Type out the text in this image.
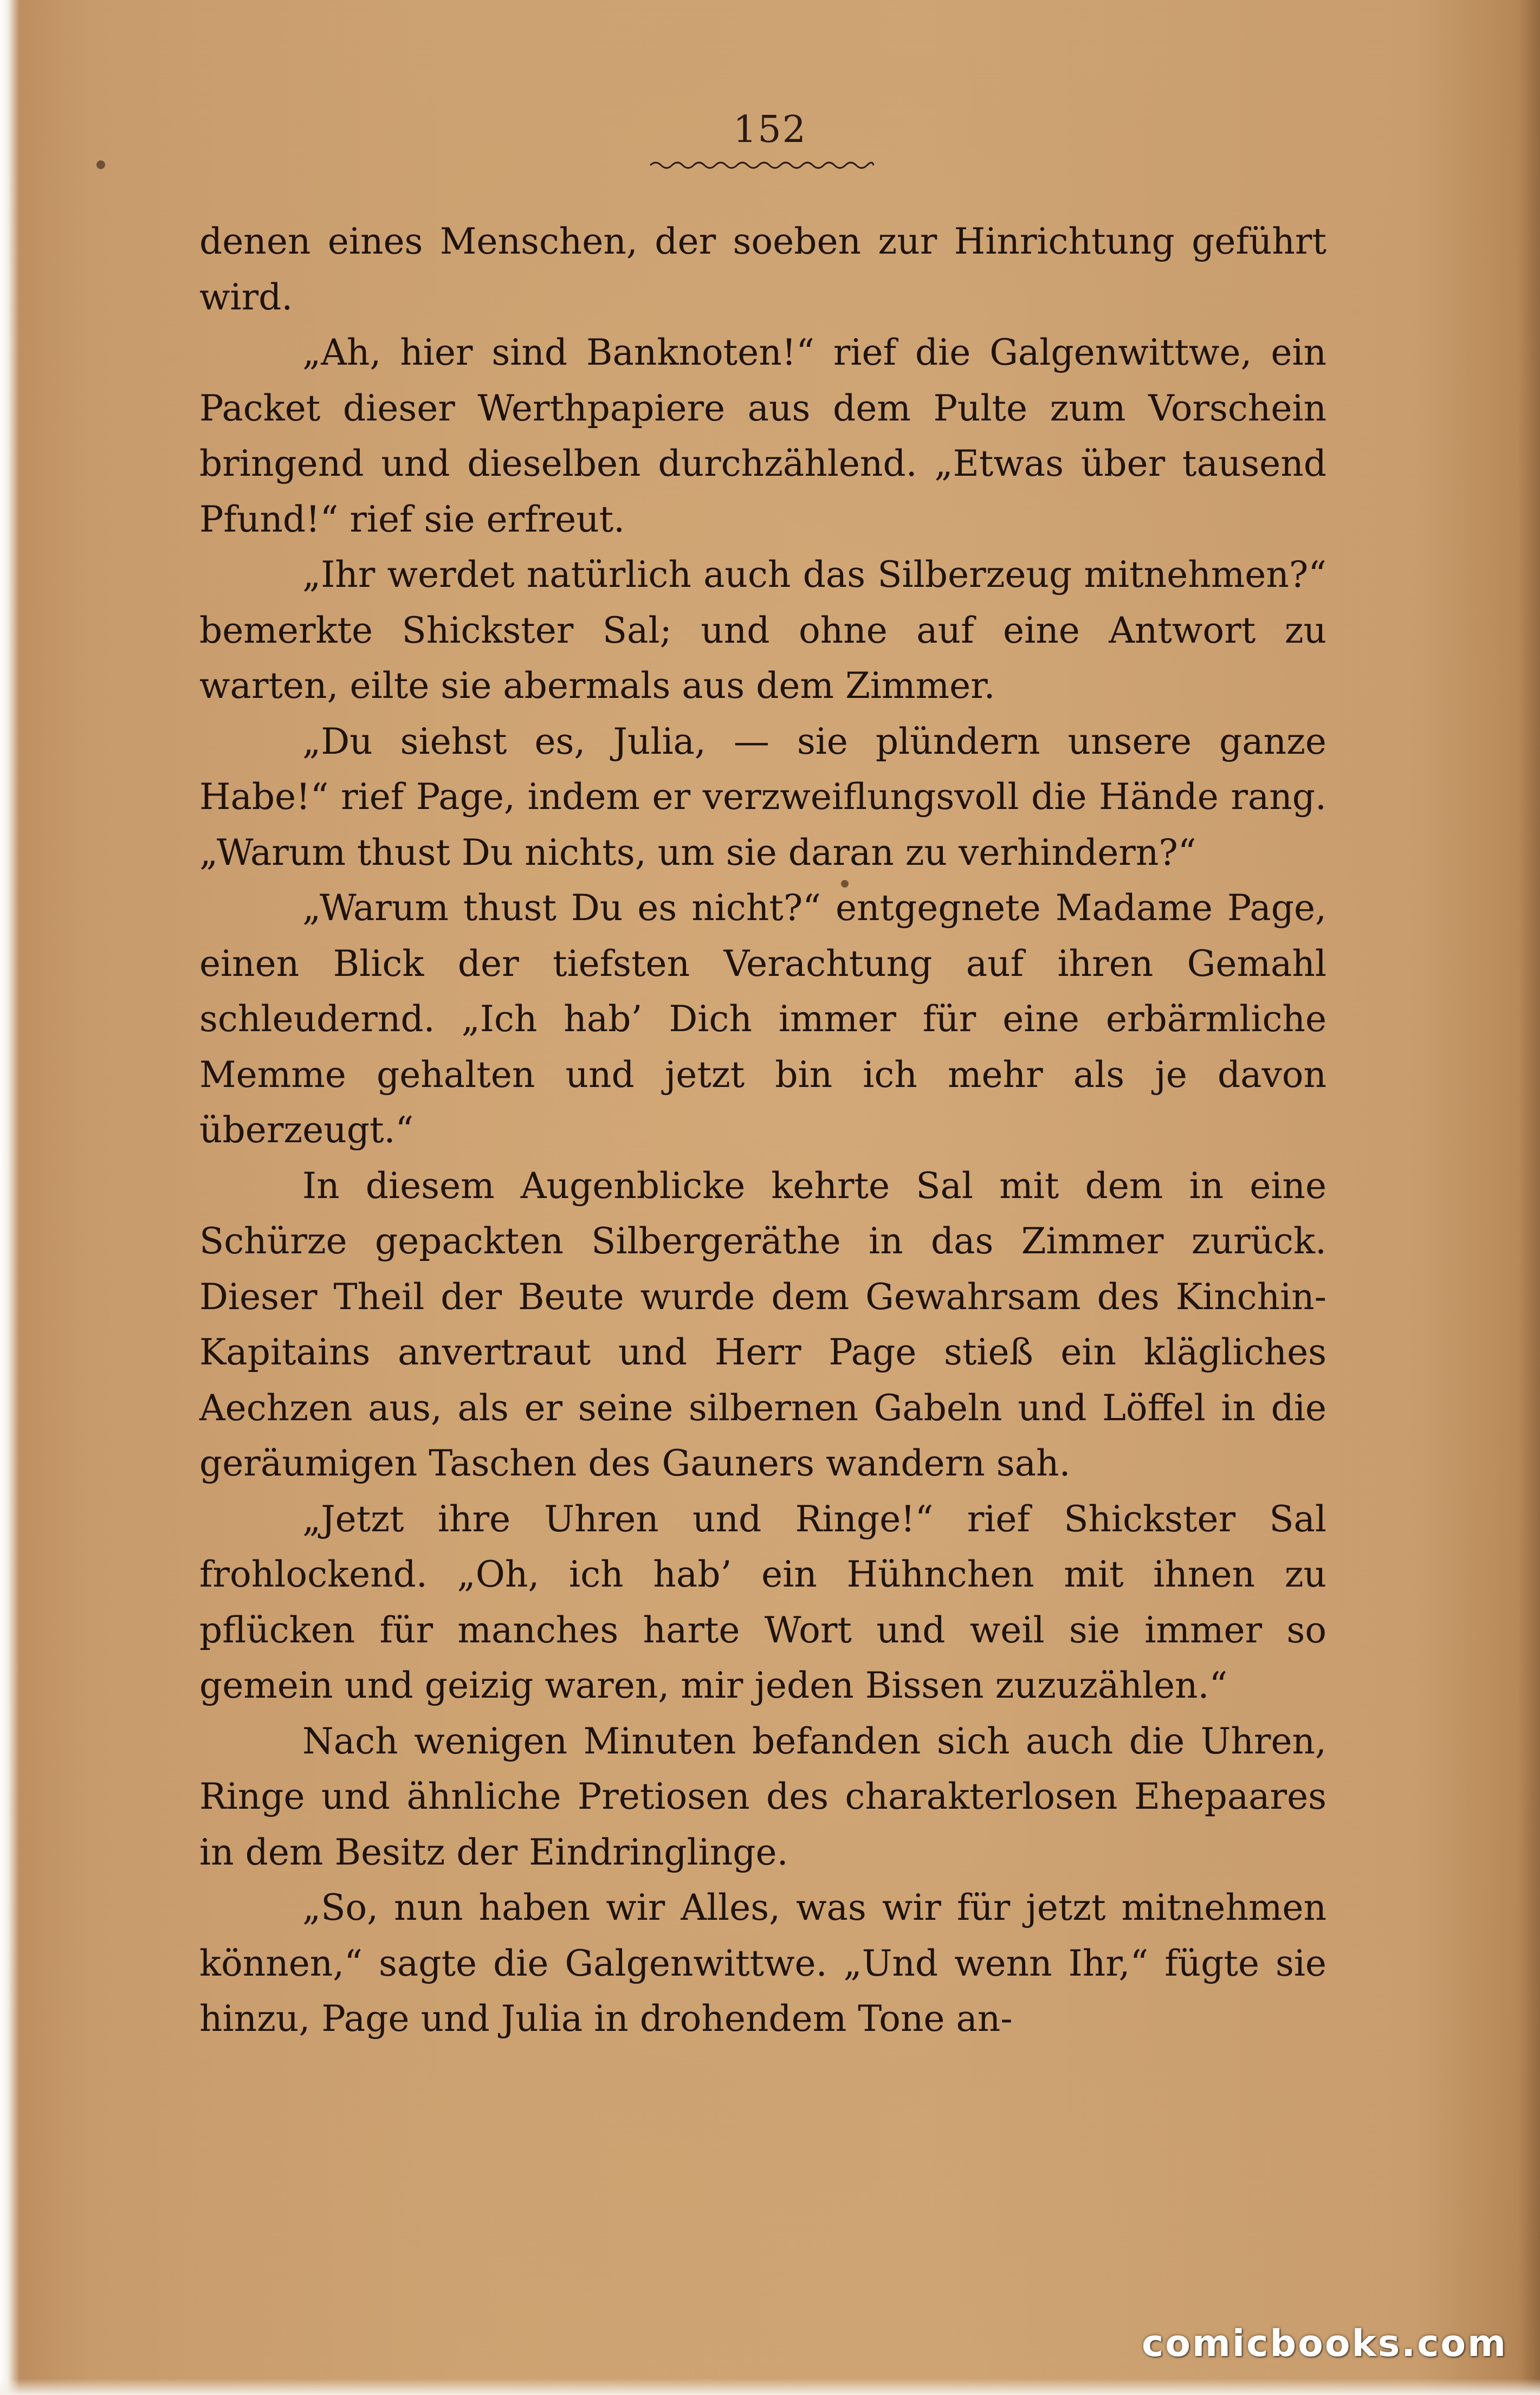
152

denen eines Menschen, der soeben zur Hinrichtung geführt wird.

„Ah, hier sind Banknoten!“ rief die Galgenwittwe, ein Packet dieser Werthpapiere aus dem Pulte zum Vorschein bringend und dieselben durchzählend. „Etwas über tausend Pfund!“ rief sie erfreut.

„Ihr werdet natürlich auch das Silberzeug mitnehmen?“ bemerkte Shickster Sal; und ohne auf eine Antwort zu warten, eilte sie abermals aus dem Zimmer.

„Du siehst es, Julia, — sie plündern unsere ganze Habe!“ rief Page, indem er verzweiflungsvoll die Hände rang. „Warum thust Du nichts, um sie daran zu verhindern?“

„Warum thust Du es nicht?“ entgegnete Madame Page, einen Blick der tiefsten Verachtung auf ihren Gemahl schleudernd. „Ich hab’ Dich immer für eine erbärmliche Memme gehalten und jetzt bin ich mehr als je davon überzeugt.“

In diesem Augenblicke kehrte Sal mit dem in eine Schürze gepackten Silbergeräthe in das Zimmer zurück. Dieser Theil der Beute wurde dem Gewahrsam des Kinchin-Kapitains anvertraut und Herr Page stieß ein klägliches Aechzen aus, als er seine silbernen Gabeln und Löffel in die geräumigen Taschen des Gauners wandern sah.

„Jetzt ihre Uhren und Ringe!“ rief Shickster Sal frohlockend. „Oh, ich hab’ ein Hühnchen mit ihnen zu pflücken für manches harte Wort und weil sie immer so gemein und geizig waren, mir jeden Bissen zuzuzählen.“

Nach wenigen Minuten befanden sich auch die Uhren, Ringe und ähnliche Pretiosen des charakterlosen Ehepaares in dem Besitz der Eindringlinge.

„So, nun haben wir Alles, was wir für jetzt mitnehmen können,“ sagte die Galgenwittwe. „Und wenn Ihr,“ fügte sie hinzu, Page und Julia in drohendem Tone an-

comicbooks.com
